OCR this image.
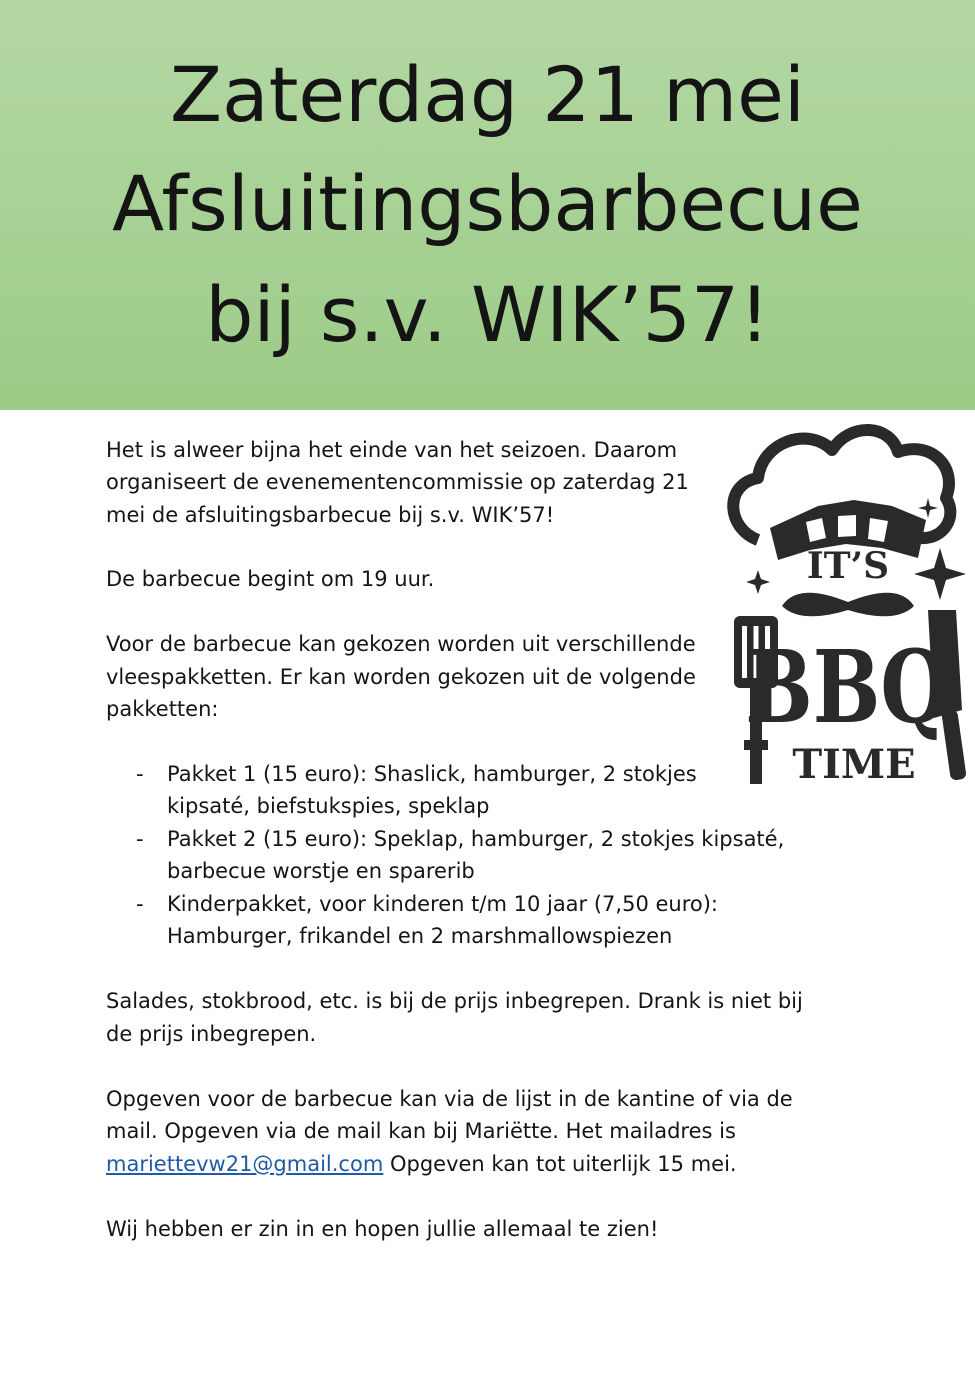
Zaterdag 21 mei
Afsluitingsbarbecue
bij s.v. WIK’57!
Het is alweer bijna het einde van het seizoen. Daarom
organiseert de evenementencommissie op zaterdag 21
mei de afsluitingsbarbecue bij s.v. WIK’57!
De barbecue begint om 19 uur.
Voor de barbecue kan gekozen worden uit verschillende
vleespakketten. Er kan worden gekozen uit de volgende
pakketten:
- Pakket 1 (15 euro): Shaslick, hamburger, 2 stokjes
kipsaté, biefstukspies, speklap
- Pakket 2 (15 euro): Speklap, hamburger, 2 stokjes kipsaté,
barbecue worstje en sparerib
- Kinderpakket, voor kinderen t/m 10 jaar (7,50 euro):
Hamburger, frikandel en 2 marshmallowspiezen
Salades, stokbrood, etc. is bij de prijs inbegrepen. Drank is niet bij
de prijs inbegrepen.
Opgeven voor de barbecue kan via de lijst in de kantine of via de
mail. Opgeven via de mail kan bij Mariëtte. Het mailadres is
mariettevw21@gmail.com Opgeven kan tot uiterlijk 15 mei.
Wij hebben er zin in en hopen jullie allemaal te zien!
IT’S
BBQ
TIME
